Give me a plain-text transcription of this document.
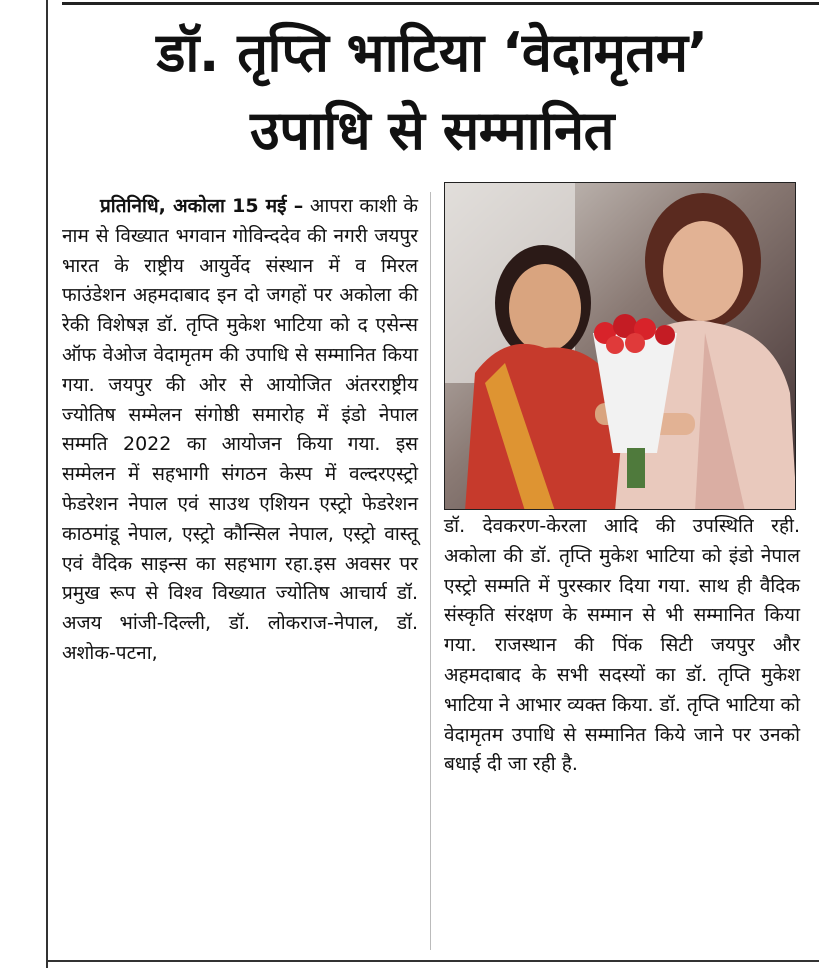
डॉ. तृप्ति भाटिया ‘वेदामृतम’
उपाधि से सम्मानित

प्रतिनिधि, अकोला 15 मई – आपरा काशी के नाम से विख्यात भगवान गोविन्ददेव की नगरी जयपुर भारत के राष्ट्रीय आयुर्वेद संस्थान में व मिरल फाउंडेशन अहमदाबाद इन दो जगहों पर अकोला की रेकी विशेषज्ञ डॉ. तृप्ति मुकेश भाटिया को द एसेन्स ऑफ वेओज वेदामृतम की उपाधि से सम्मानित किया गया. जयपुर की ओर से आयोजित अंतरराष्ट्रीय ज्योतिष सम्मेलन संगोष्ठी समारोह में इंडो नेपाल सम्मति 2022 का आयोजन किया गया. इस सम्मेलन में सहभागी संगठन केस्प में वल्दरएस्ट्रो फेडरेशन नेपाल एवं साउथ एशियन एस्ट्रो फेडरेशन काठमांडू नेपाल, एस्ट्रो कौन्सिल नेपाल, एस्ट्रो वास्तू एवं वैदिक साइन्स का सहभाग रहा.इस अवसर पर प्रमुख रूप से विश्व विख्यात ज्योतिष आचार्य डॉ. अजय भांजी-दिल्ली, डॉ. लोकराज-नेपाल, डॉ. अशोक-पटना,

डॉ. देवकरण-केरला आदि की उपस्थिति रही. अकोला की डॉ. तृप्ति मुकेश भाटिया को इंडो नेपाल एस्ट्रो सम्मति में पुरस्कार दिया गया. साथ ही वैदिक संस्कृति संरक्षण के सम्मान से भी सम्मानित किया गया. राजस्थान की पिंक सिटी जयपुर और अहमदाबाद के सभी सदस्यों का डॉ. तृप्ति मुकेश भाटिया ने आभार व्यक्त किया. डॉ. तृप्ति भाटिया को वेदामृतम उपाधि से सम्मानित किये जाने पर उनको बधाई दी जा रही है.
